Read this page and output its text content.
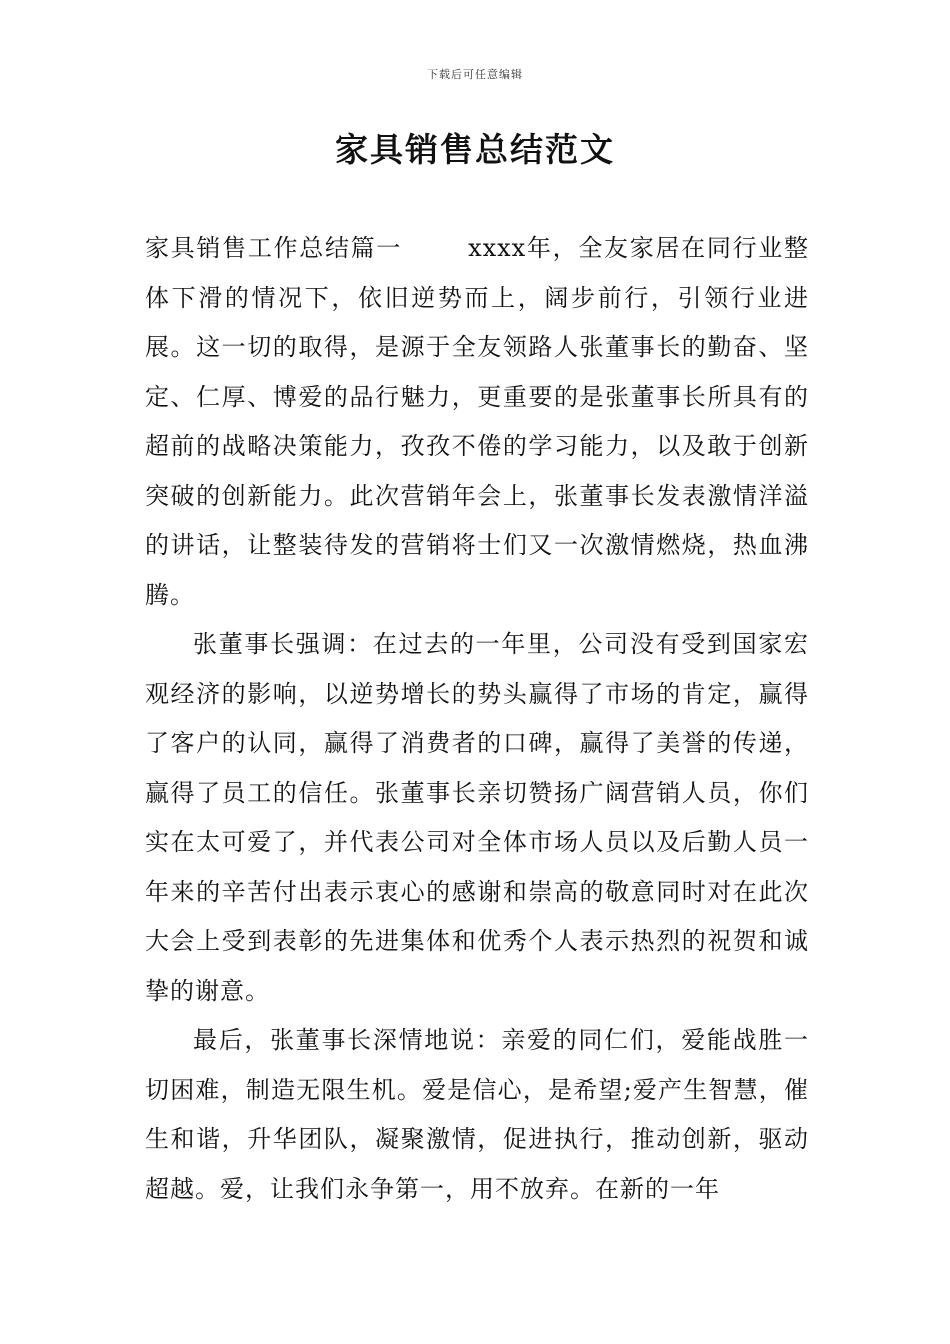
下载后可任意编辑
家具销售总结范文

家具销售工作总结篇一	xxxx年，全友家居在同行业整体下滑的情况下，依旧逆势而上，阔步前行，引领行业进展。这一切的取得，是源于全友领路人张董事长的勤奋、坚定、仁厚、博爱的品行魅力，更重要的是张董事长所具有的超前的战略决策能力，孜孜不倦的学习能力，以及敢于创新突破的创新能力。此次营销年会上，张董事长发表激情洋溢的讲话，让整装待发的营销将士们又一次激情燃烧，热血沸腾。

张董事长强调：在过去的一年里，公司没有受到国家宏观经济的影响，以逆势增长的势头赢得了市场的肯定，赢得了客户的认同，赢得了消费者的口碑，赢得了美誉的传递，赢得了员工的信任。张董事长亲切赞扬广阔营销人员，你们实在太可爱了，并代表公司对全体市场人员以及后勤人员一年来的辛苦付出表示衷心的感谢和崇高的敬意同时对在此次大会上受到表彰的先进集体和优秀个人表示热烈的祝贺和诚挚的谢意。

最后，张董事长深情地说：亲爱的同仁们，爱能战胜一切困难，制造无限生机。爱是信心，是希望;爱产生智慧，催生和谐，升华团队，凝聚激情，促进执行，推动创新，驱动超越。爱，让我们永争第一，用不放弃。在新的一年
